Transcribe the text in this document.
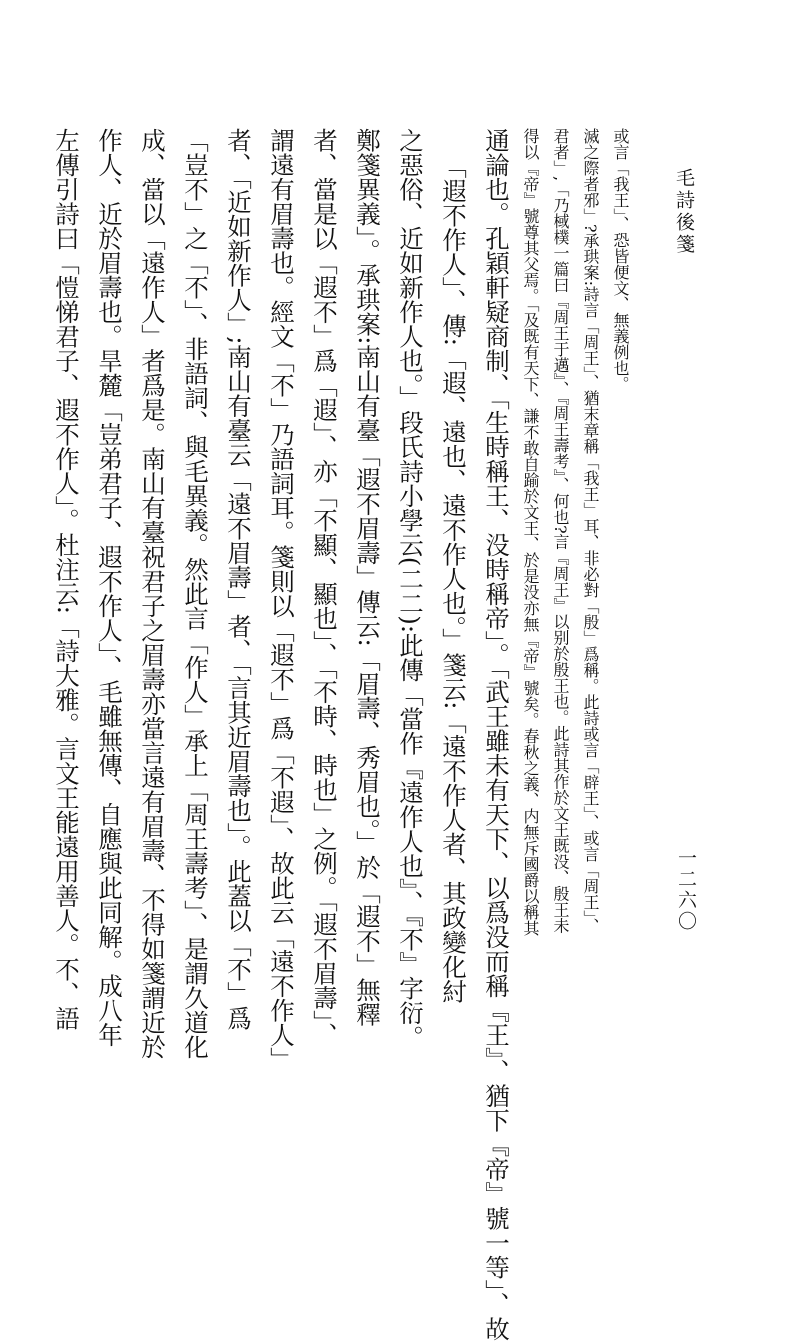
毛詩後箋
一二六〇
或言「我王」、恐皆便文、無義例也。
滅之際者邪」?承珙案:詩言「周王」、猶末章稱「我王」耳、非必對「殷」爲稱。此詩或言「辟王」、或言「周王」、
君者」,「乃棫樸一篇曰『周王于邁』、『周王壽考』、何也?言『周王』以别於殷王也。此詩其作於文王既没、殷王未
得以『帝』號尊其父焉。「及既有天下、謙不敢自踰於文王、於是没亦無『帝』號矣。春秋之義、内無斥國爵以稱其
通論也。孔穎軒疑商制、「生時稱王、没時稱帝」。「武王雖未有天下、以爲没而稱『王』、猶下『帝』號一等」、故
「遐不作人」、傳:「遐、遠也、遠不作人也。」箋云:「遠不作人者、其政變化紂
之惡俗、近如新作人也。」段氏詩小學云(二二):此傳「當作『遠作人也』、『不』字衍。
鄭箋異義」。承珙案:南山有臺「遐不眉壽」傳云:「眉壽、秀眉也。」於「遐不」無釋
者、當是以「遐不」爲「遐」、亦「不顯、顯也」、「不時、時也」之例。「遐不眉壽」、
謂遠有眉壽也。經文「不」乃語詞耳。箋則以「遐不」爲「不遐」、故此云「遠不作人」
者、「近如新作人」;南山有臺云「遠不眉壽」者、「言其近眉壽也」。此蓋以「不」爲
「豈不」之「不」、非語詞、與毛異義。然此言「作人」承上「周王壽考」、是謂久道化
成、當以「遠作人」者爲是。南山有臺祝君子之眉壽亦當言遠有眉壽、不得如箋謂近於
作人、近於眉壽也。旱麓「豈弟君子、遐不作人」、毛雖無傳、自應與此同解。成八年
左傳引詩曰「愷悌君子、遐不作人」。杜注云:「詩大雅。言文王能遠用善人。不、語
